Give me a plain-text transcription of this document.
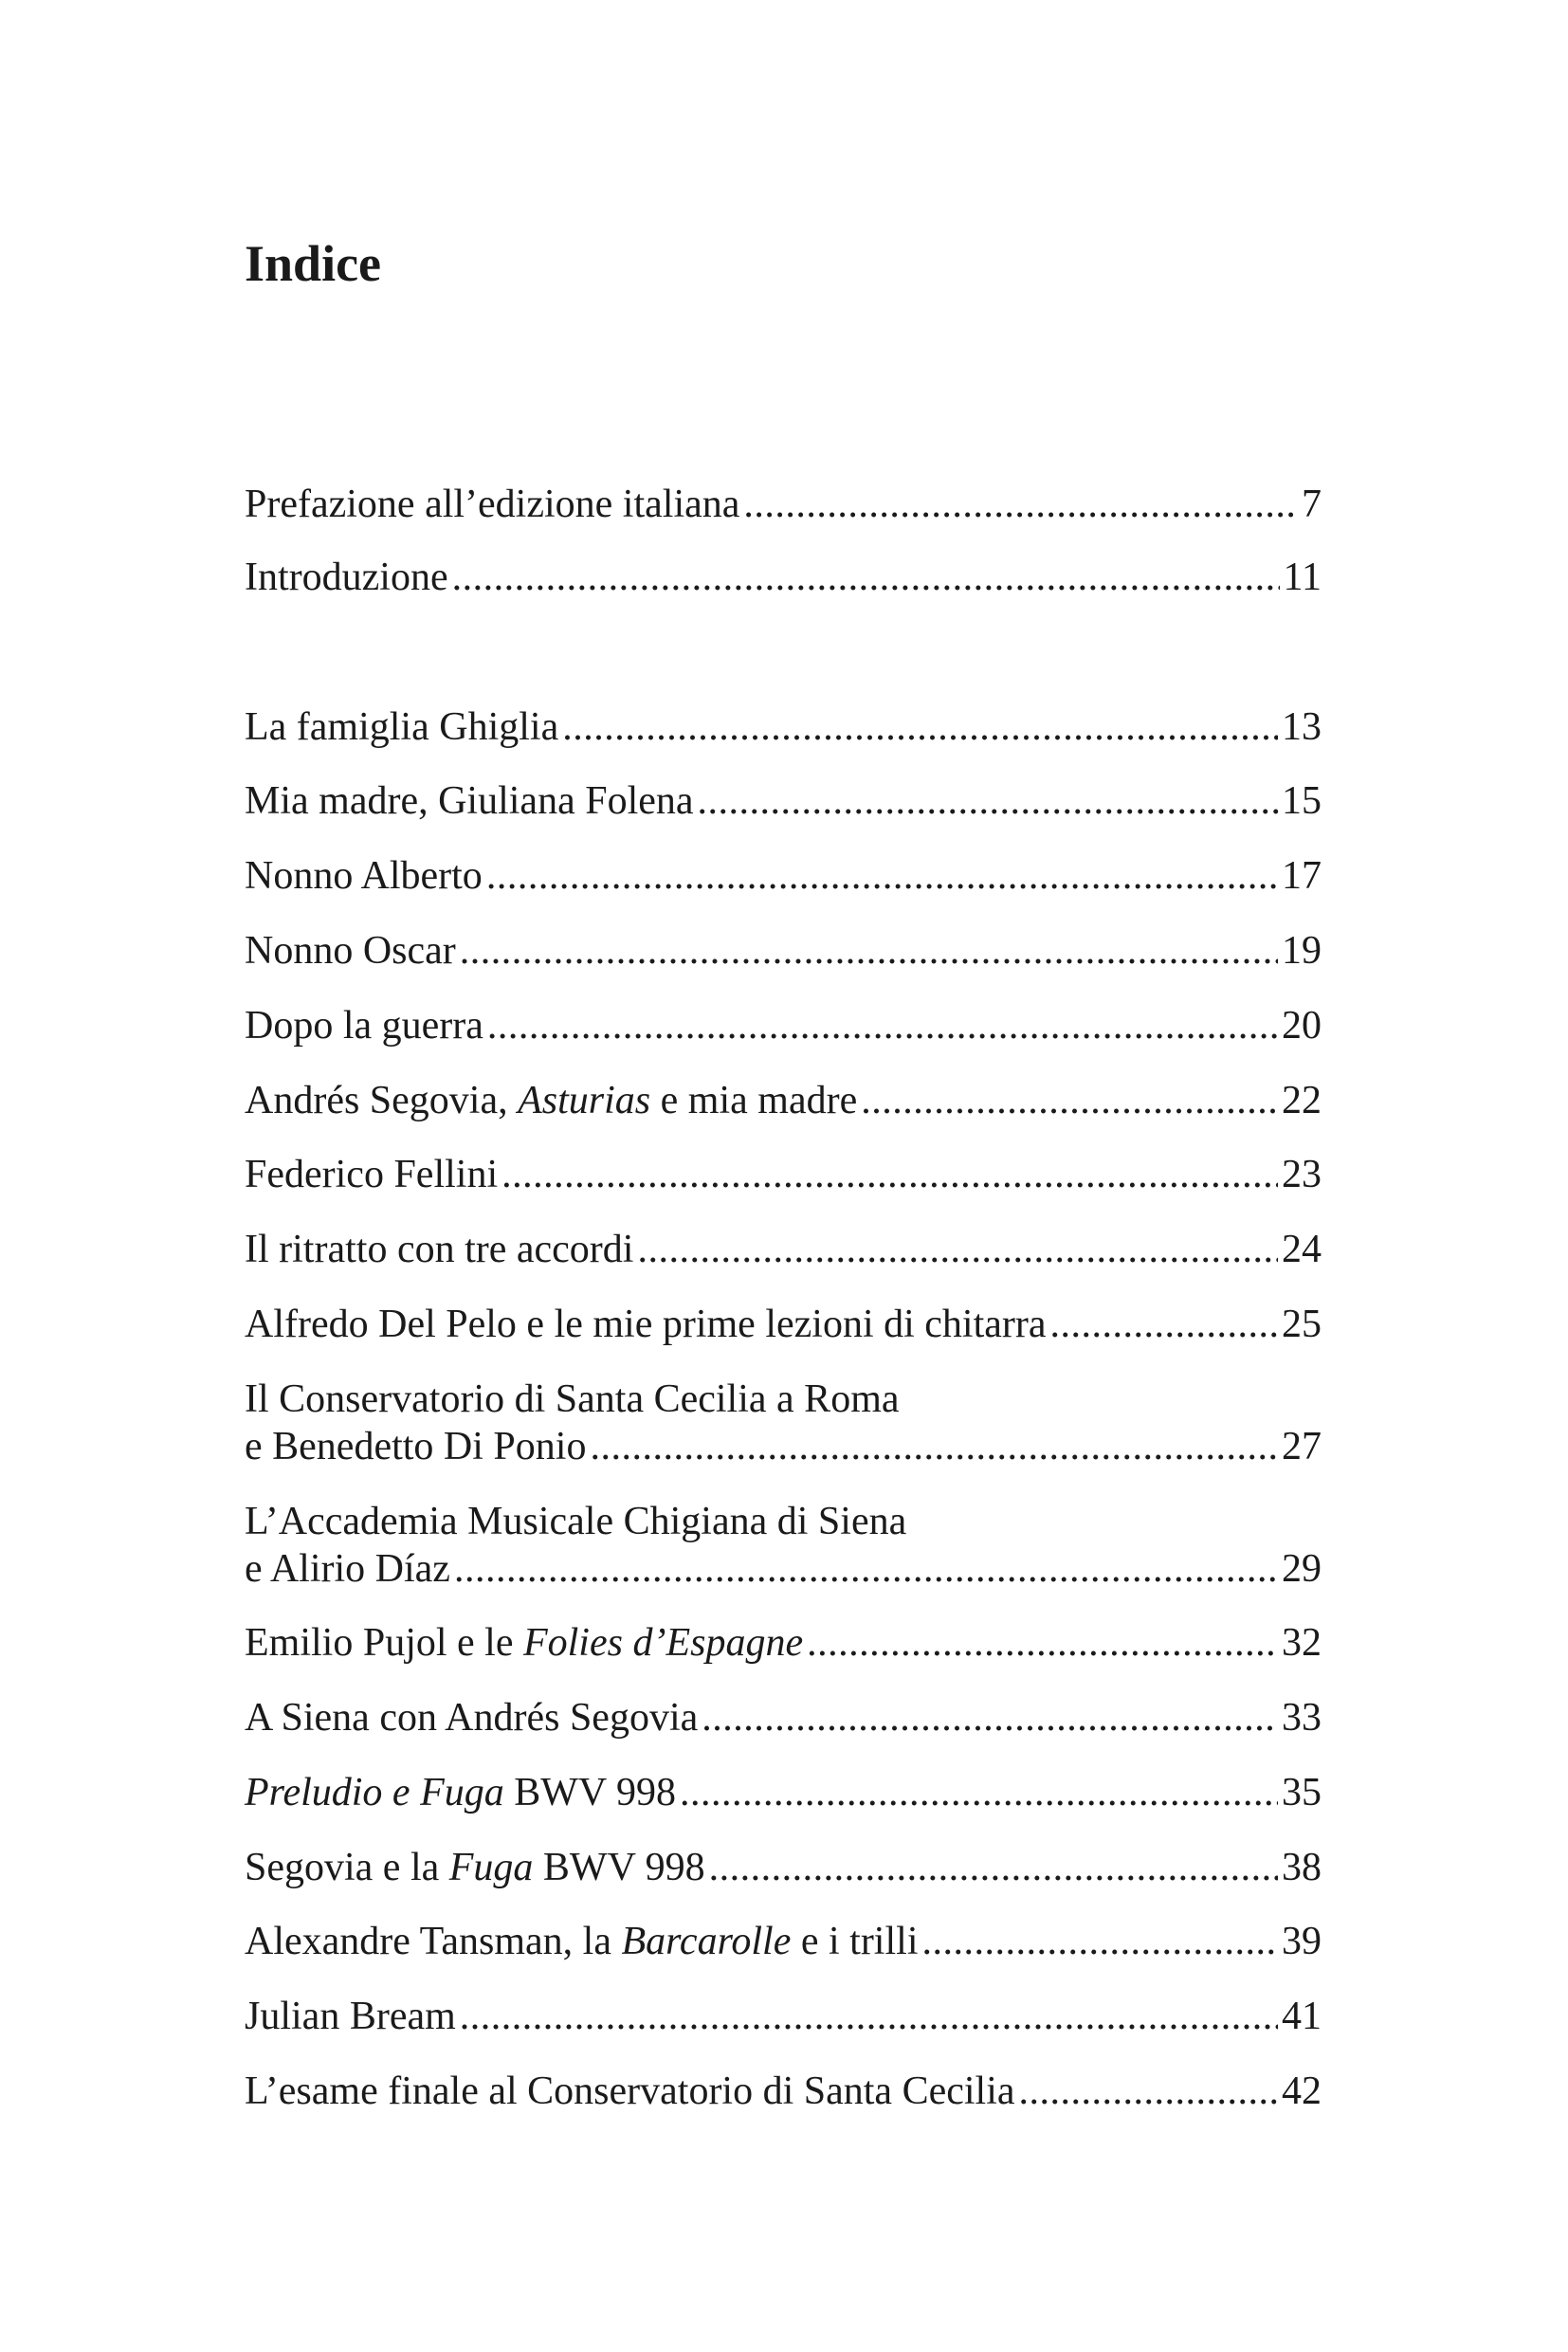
Indice
Prefazione all’edizione italiana . . .	7
Introduzione . . .	11
La famiglia Ghiglia . . .	13
Mia madre, Giuliana Folena . . .	15
Nonno Alberto . . .	17
Nonno Oscar . . .	19
Dopo la guerra . . .	20
Andrés Segovia, Asturias e mia madre . . .	22
Federico Fellini . . .	23
Il ritratto con tre accordi . . .	24
Alfredo Del Pelo e le mie prime lezioni di chitarra . . .	25
Il Conservatorio di Santa Cecilia a Roma
e Benedetto Di Ponio . . .	27
L’Accademia Musicale Chigiana di Siena
e Alirio Díaz . . .	29
Emilio Pujol e le Folies d’Espagne . . .	32
A Siena con Andrés Segovia . . .	33
Preludio e Fuga BWV 998 . . .	35
Segovia e la Fuga BWV 998 . . .	38
Alexandre Tansman, la Barcarolle e i trilli . . .	39
Julian Bream . . .	41
L’esame finale al Conservatorio di Santa Cecilia . . .	42
